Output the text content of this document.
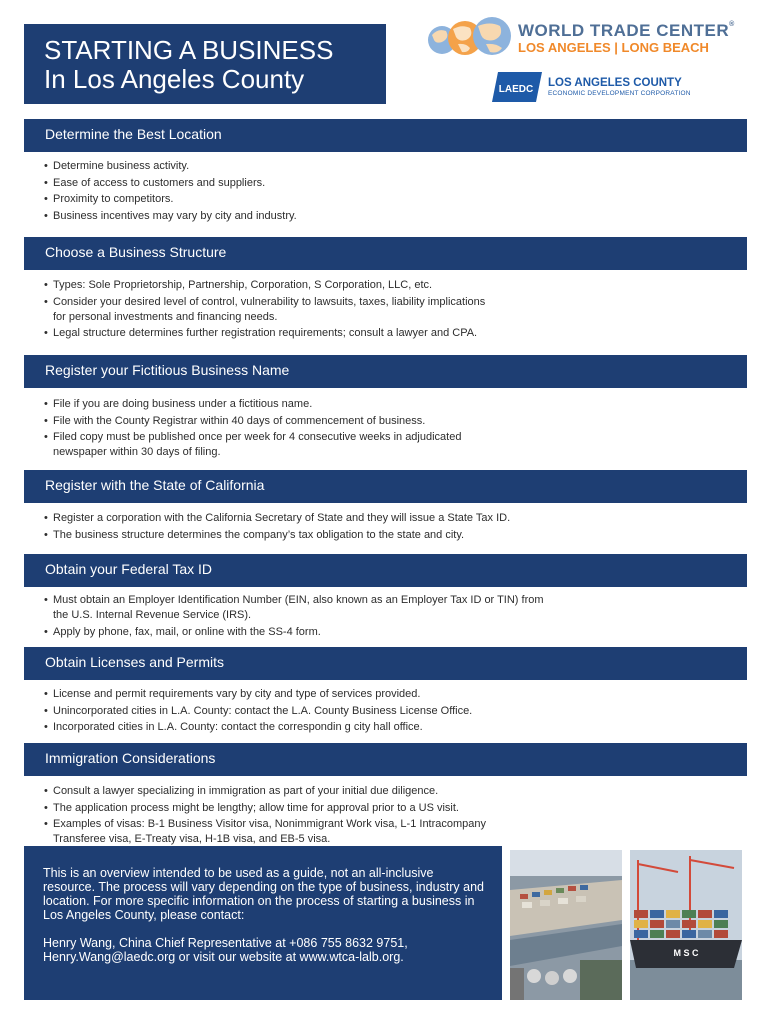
STARTING A BUSINESS
In Los Angeles County
WORLD TRADE CENTER®
LOS ANGELES | LONG BEACH
LAEDC
LOS ANGELES COUNTY
ECONOMIC DEVELOPMENT CORPORATION
Determine the Best Location
• Determine business activity.
• Ease of access to customers and suppliers.
• Proximity to competitors.
• Business incentives may vary by city and industry.
Choose a Business Structure
• Types: Sole Proprietorship, Partnership, Corporation, S Corporation, LLC, etc.
• Consider your desired level of control, vulnerability to lawsuits, taxes, liability implications
for personal investments and financing needs.
• Legal structure determines further registration requirements; consult a lawyer and CPA.
Register your Fictitious Business Name
• File if you are doing business under a fictitious name.
• File with the County Registrar within 40 days of commencement of business.
• Filed copy must be published once per week for 4 consecutive weeks in adjudicated
newspaper within 30 days of filing.
Register with the State of California
• Register a corporation with the California Secretary of State and they will issue a State Tax ID.
• The business structure determines the company’s tax obligation to the state and city.
Obtain your Federal Tax ID
• Must obtain an Employer Identification Number (EIN, also known as an Employer Tax ID or TIN) from
the U.S. Internal Revenue Service (IRS).
• Apply by phone, fax, mail, or online with the SS-4 form.
Obtain Licenses and Permits
• License and permit requirements vary by city and type of services provided.
• Unincorporated cities in L.A. County: contact the L.A. County Business License Office.
• Incorporated cities in L.A. County: contact the correspondin g city hall office.
Immigration Considerations
• Consult a lawyer specializing in immigration as part of your initial due diligence.
• The application process might be lengthy; allow time for approval prior to a US visit.
• Examples of visas: B-1 Business Visitor visa, Nonimmigrant Work visa, L-1 Intracompany
Transferee visa, E-Treaty visa, H-1B visa, and EB-5 visa.

This is an overview intended to be used as a guide, not an all-inclusive resource. The process will vary depending on the type of business, industry and location. For more specific information on the process of starting a business in Los Angeles County, please contact:

Henry Wang, China Chief Representative at +086 755 8632 9751,
Henry.Wang@laedc.org or visit our website at www.wtca-lalb.org.	M S C
